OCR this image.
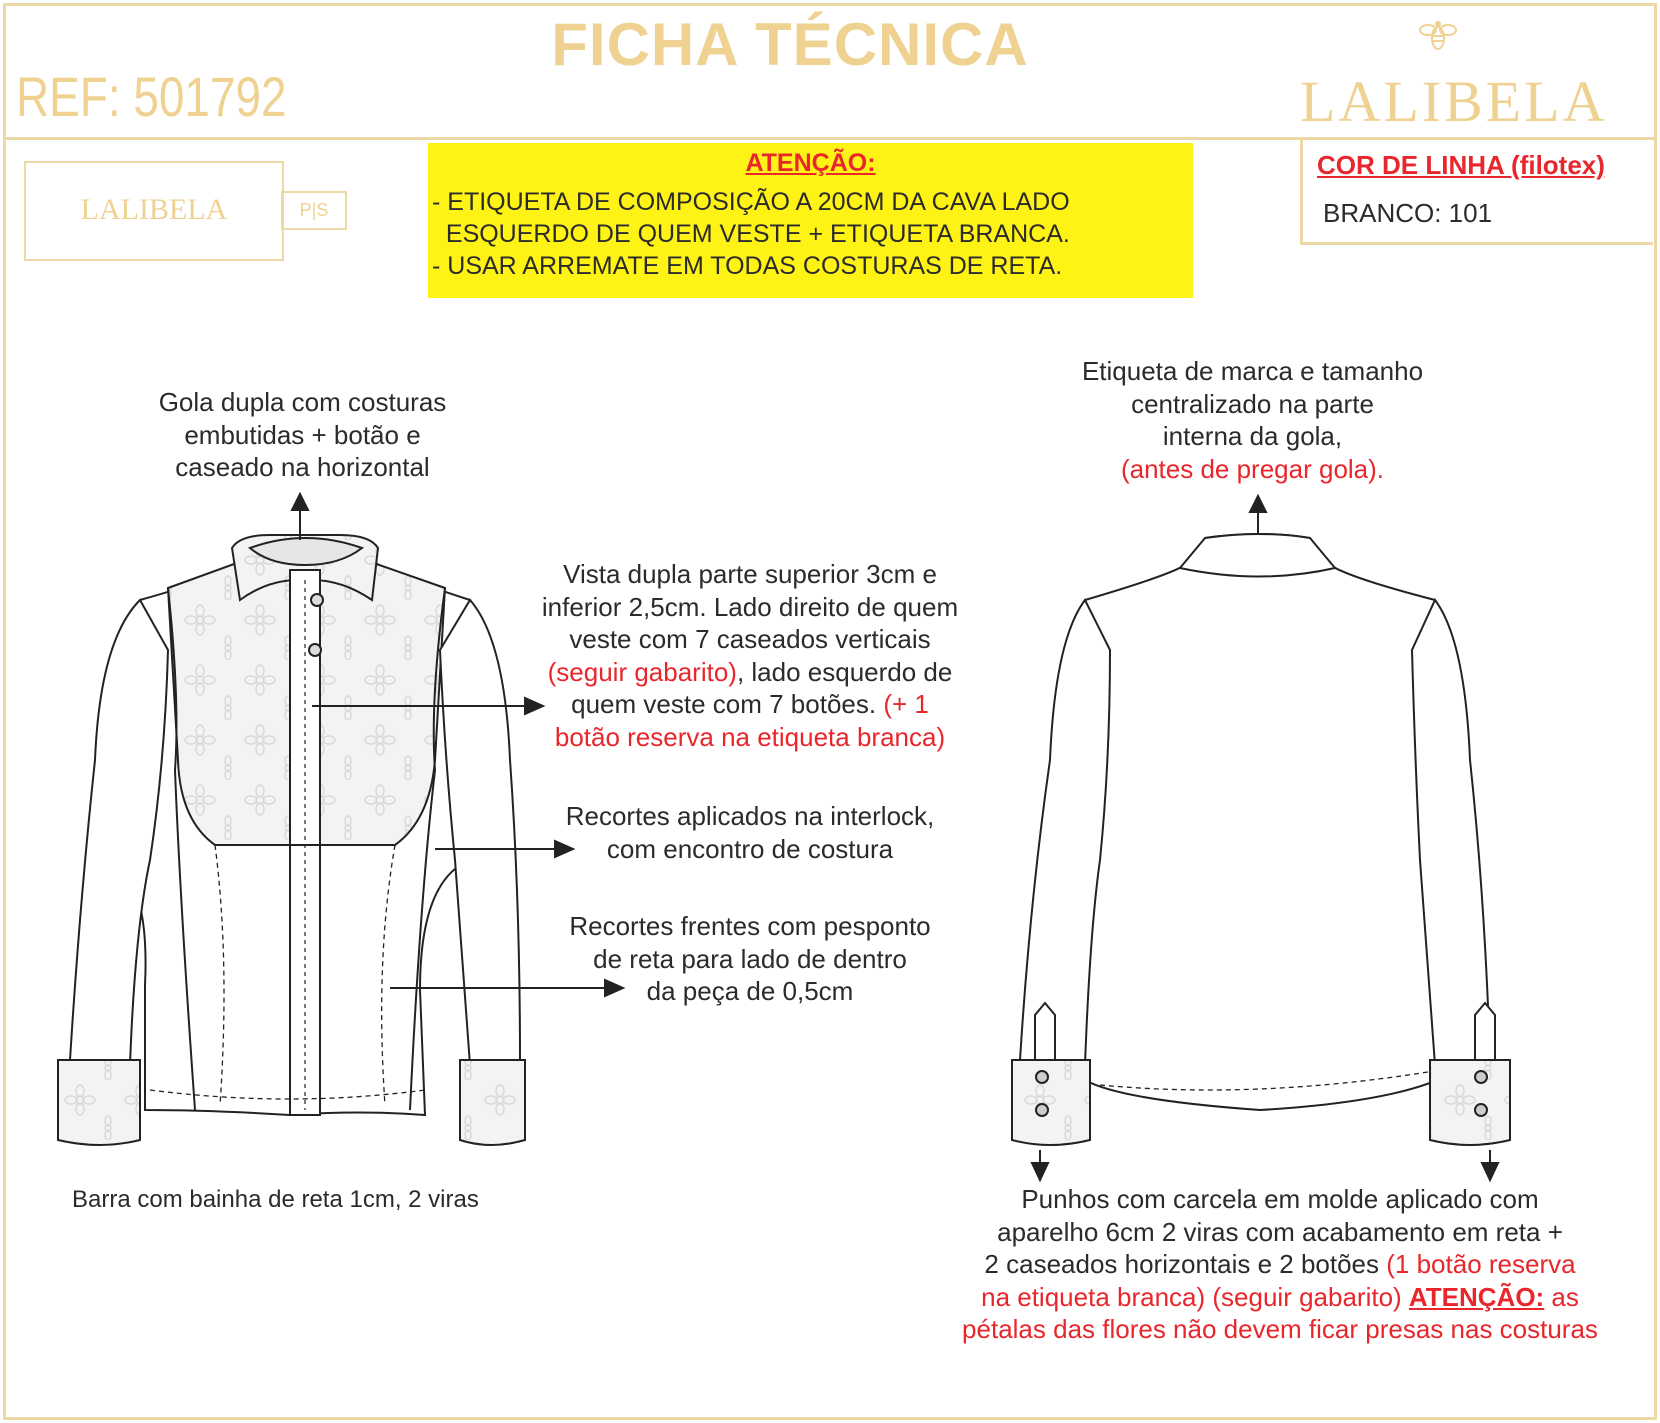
FICHA TÉCNICA
REF: 501792	LALIBELA
LALIBELA	P|S
ATENÇÃO:
- ETIQUETA DE COMPOSIÇÃO A 20CM DA CAVA LADO
ESQUERDO DE QUEM VESTE + ETIQUETA BRANCA.
- USAR ARREMATE EM TODAS COSTURAS DE RETA.
COR DE LINHA (filotex)
BRANCO: 101
Gola dupla com costuras
embutidas + botão e
caseado na horizontal
Vista dupla parte superior 3cm e
inferior 2,5cm. Lado direito de quem
veste com 7 caseados verticais
(seguir gabarito), lado esquerdo de
quem veste com 7 botões. (+ 1
botão reserva na etiqueta branca)
Recortes aplicados na interlock,
com encontro de costura
Recortes frentes com pesponto
de reta para lado de dentro
da peça de 0,5cm
Barra com bainha de reta 1cm, 2 viras
Etiqueta de marca e tamanho
centralizado na parte
interna da gola,
(antes de pregar gola).
Punhos com carcela em molde aplicado com
aparelho 6cm 2 viras com acabamento em reta +
2 caseados horizontais e 2 botões (1 botão reserva
na etiqueta branca) (seguir gabarito) ATENÇÃO: as
pétalas das flores não devem ficar presas nas costuras
